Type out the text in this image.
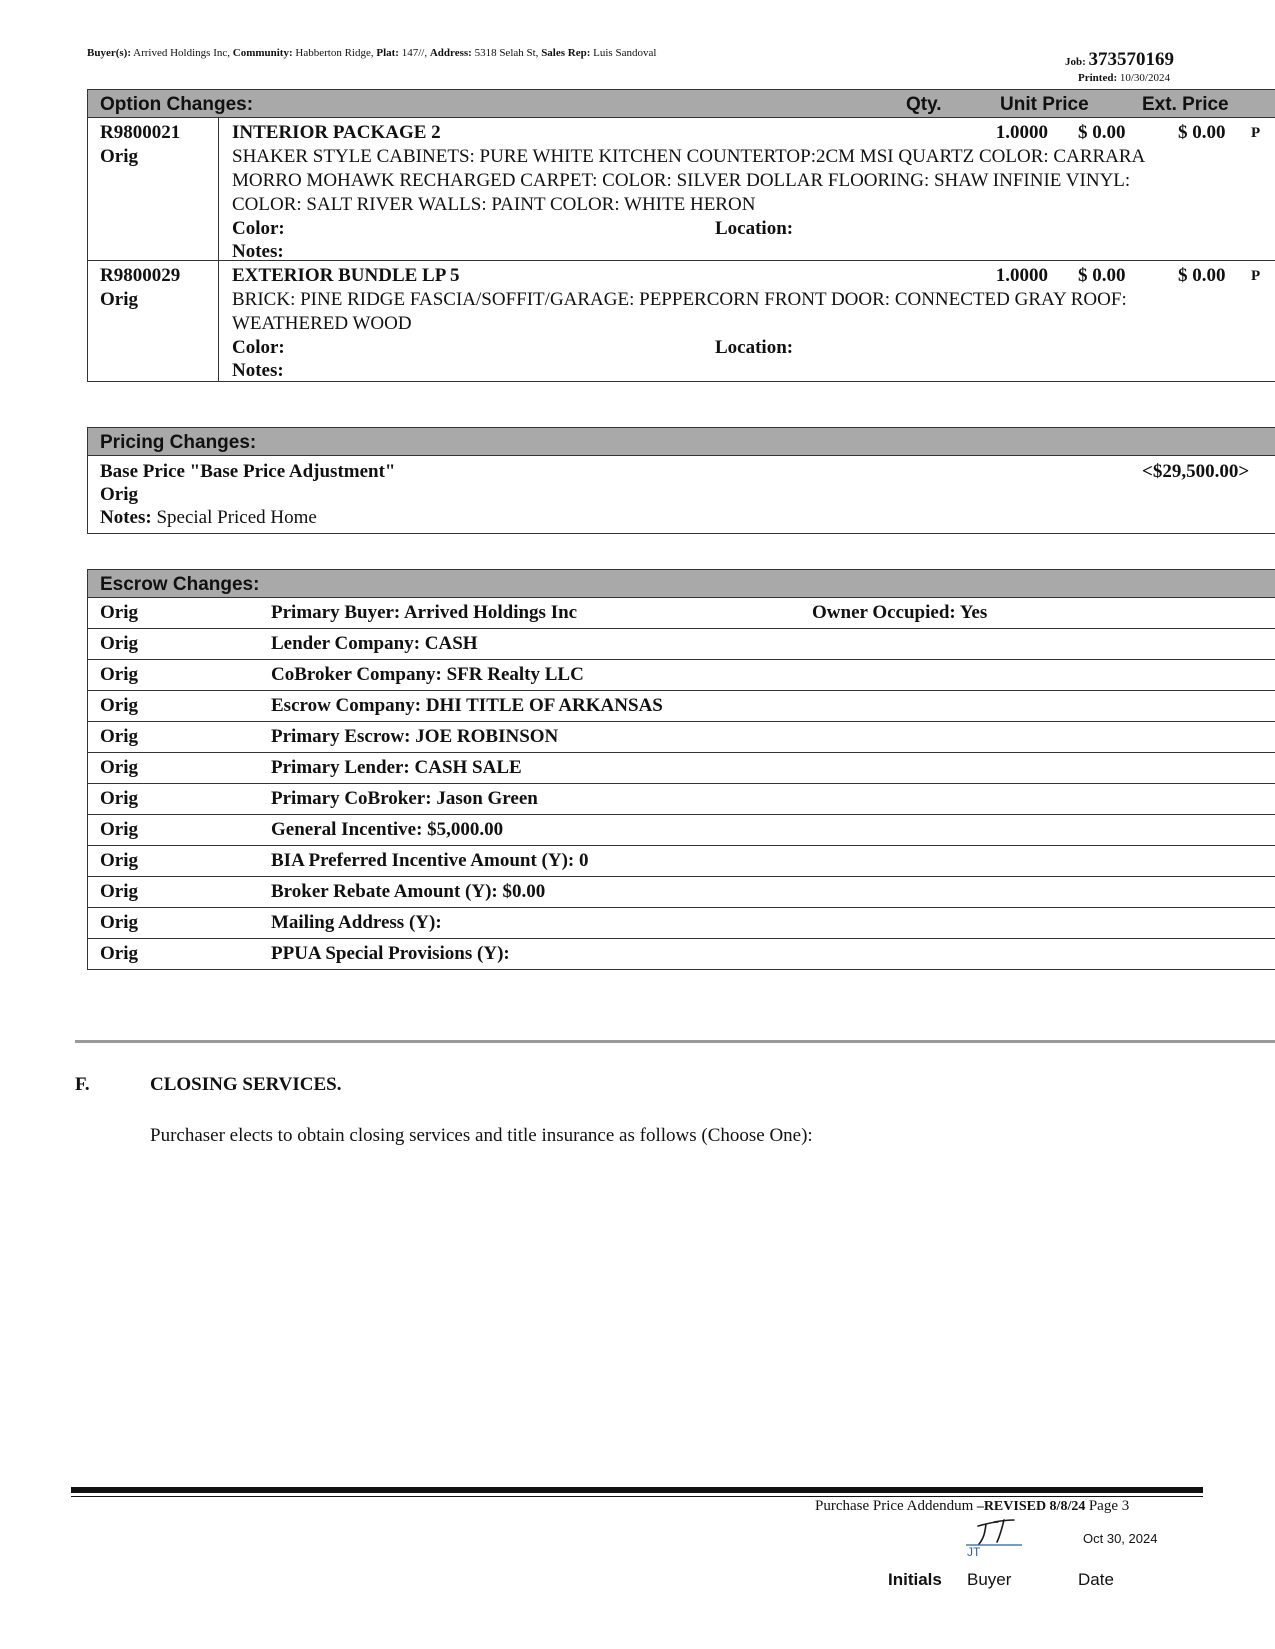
Buyer(s): Arrived Holdings Inc, Community: Habberton Ridge, Plat: 147//, Address: 5318 Selah St, Sales Rep: Luis Sandoval
Job: 373570169
Printed: 10/30/2024
Option Changes:	Qty.	Unit Price	Ext. Price
R9800021
Orig
INTERIOR PACKAGE 2	1.0000 $ 0.00	$ 0.00 P
SHAKER STYLE CABINETS: PURE WHITE KITCHEN COUNTERTOP:2CM MSI QUARTZ COLOR: CARRARA
MORRO MOHAWK RECHARGED CARPET: COLOR: SILVER DOLLAR FLOORING: SHAW INFINIE VINYL:
COLOR: SALT RIVER WALLS: PAINT COLOR: WHITE HERON
Color:	Location:
Notes:
R9800029
Orig
EXTERIOR BUNDLE LP 5	1.0000 $ 0.00	$ 0.00 P
BRICK: PINE RIDGE FASCIA/SOFFIT/GARAGE: PEPPERCORN FRONT DOOR: CONNECTED GRAY ROOF:
WEATHERED WOOD
Color:	Location:
Notes:
Pricing Changes:
Base Price "Base Price Adjustment"	<$29,500.00>
Orig
Notes: Special Priced Home
Escrow Changes:
Orig	Primary Buyer: Arrived Holdings Inc	Owner Occupied: Yes
Orig	Lender Company: CASH
Orig	CoBroker Company: SFR Realty LLC
Orig	Escrow Company: DHI TITLE OF ARKANSAS
Orig	Primary Escrow: JOE ROBINSON
Orig	Primary Lender: CASH SALE
Orig	Primary CoBroker: Jason Green
Orig	General Incentive: $5,000.00
Orig	BIA Preferred Incentive Amount (Y): 0
Orig	Broker Rebate Amount (Y): $0.00
Orig	Mailing Address (Y):
Orig	PPUA Special Provisions (Y):
F.	CLOSING SERVICES.
Purchaser elects to obtain closing services and title insurance as follows (Choose One):
Purchase Price Addendum –REVISED 8/8/24 Page 3
JT
Oct 30, 2024
Initials Buyer	Date
